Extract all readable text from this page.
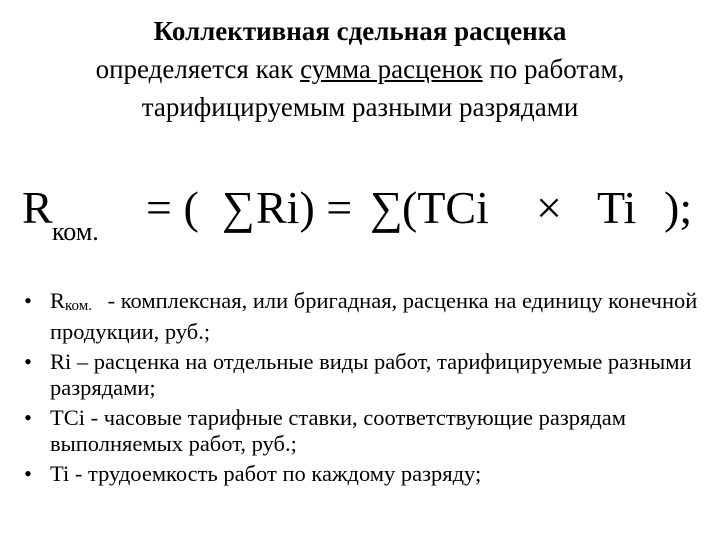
Коллективная сдельная расценка
определяется как сумма расценок по работам,
тарифицируемым разными разрядами
R ком. = ( ∑ Ri) = ∑ (TCi × Ti );
• Rком. - комплексная, или бригадная, расценка на единицу конечной продукции, руб.;
• Ri – расценка на отдельные виды работ, тарифицируемые разными разрядами;
• TCi - часовые тарифные ставки, соответствующие разрядам выполняемых работ, руб.;
• Ti - трудоемкость работ по каждому разряду;
